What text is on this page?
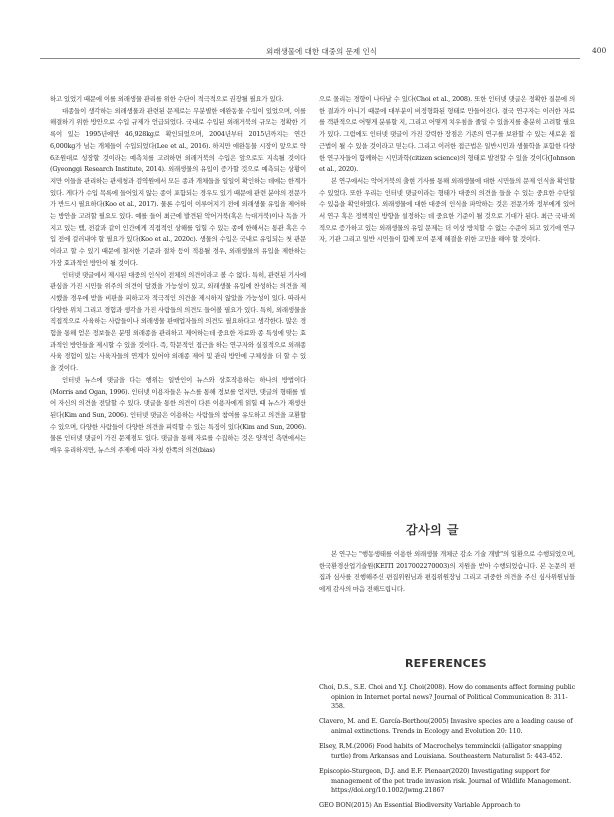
외래생물에 대한 대중의 문제 인식	400

하고 있었기 때문에 이를 외래생물 관리를 위한 수단이 적극적으로 권장될 필요가 있다.

대종들이 생각하는 외래생물과 관련된 문제로는 무분별한 애완동물 수입이 있었으며, 이를 해결하기 위한 방안으로 수입 규제가 언급되었다. 국내로 수입된 외래거북의 규모는 정확한 기록이 있는 1995년에만 46,928kg로 확인되었으며, 2004년부터 2015년까지는 연간 6,000kg가 넘는 개체들이 수입되었다(Lee et al., 2016). 하지만 애완동물 시장이 앞으로 약 6조원대로 성장할 것이라는 예측치를 고려하면 외래거북의 수입은 앞으로도 지속될 것이다(Gyeonggi Research Institute, 2014). 외래생물의 유입이 증가할 것으로 예측되는 상황이지만 이들을 관리하는 관세청과 검역원에서 모든 종과 개체들을 일일이 확인하는 데에는 한계가 있다. 게다가 수입 목록에 들어있지 않는 종이 포함되는 경우도 있기 때문에 관련 분야의 전문가가 반드시 필요하다(Koo et al., 2017). 물론 수입이 이루어지기 전에 외래생물 유입을 제어하는 방안을 고려할 필요도 있다. 예를 들어 최근에 발견된 악어거북(혹은 늑대거북)이나 독을 가지고 있는 뱀, 전갈과 같이 인간에게 직접적인 상해를 입힐 수 있는 종에 한해서는 통관 혹은 수입 전에 걸러내야 할 필요가 있다(Koo et al., 2020c). 생물의 수입은 국내로 유입되는 첫 관문이라고 할 수 있기 때문에 철저한 기준과 절차 등이 적용될 경우, 외래생물의 유입을 제한하는 가장 효과적인 방안이 될 것이다.

인터넷 댓글에서 제시된 대중의 인식이 전체의 의견이라고 볼 수 없다. 특히, 관련된 기사에 관심을 가진 시민들 위주의 의견이 담겼을 가능성이 있고, 외래생물 유입에 찬성하는 의견을 제시했을 경우에 받을 비판을 피하고자 적극적인 의견을 제시하지 않았을 가능성이 있다. 따라서 다양한 위치 그리고 경험과 생각을 가진 사람들의 의견도 들어볼 필요가 있다. 특히, 외래생물을 직접적으로 사육하는 사람들이나 외래생물 판매업자들의 의견도 필요하다고 생각한다. 많은 경험을 통해 얻은 정보들은 분명 외래종을 관리하고 제어하는데 중요한 자료와 종 특성에 맞는 효과적인 방안들을 제시할 수 있을 것이다. 즉, 학문적인 접근을 하는 연구자와 실질적으로 외래종 사육 경험이 있는 사육자들의 연계가 있어야 외래종 제어 및 관리 방안에 구체성을 더 할 수 있을 것이다.

인터넷 뉴스에 댓글을 다는 행위는 일반인이 뉴스와 상호작용하는 하나의 방법이다(Morris and Ogan, 1996). 인터넷 이용자들은 뉴스를 통해 정보를 얻지만, 댓글의 형태를 빌어 자신의 의견을 전달할 수 있다. 댓글을 통한 의견이 다른 이용자에게 읽힐 때 뉴스가 재생산된다(Kim and Sun, 2006). 인터넷 댓글은 이용하는 사람들의 참여를 유도하고 의견을 교환할 수 있으며, 다양한 사람들이 다양한 의견을 피력할 수 있는 특징이 있다(Kim and Sun, 2006). 물론 인터넷 댓글이 가진 문제점도 있다. 댓글을 통해 자료를 수집하는 것은 양적인 측면에서는 매우 유리하지만, 뉴스의 주제에 따라 자칫 한쪽의 의견(bias)

으로 몰리는 경향이 나타날 수 있다(Choi et al., 2008). 또한 인터넷 댓글은 정확한 질문에 의한 결과가 아니기 때문에 대부분이 비정형화된 형태로 만들어진다. 결국 연구자는 이러한 자료를 객관적으로 어떻게 분류할 지, 그리고 어떻게 치우침을 줄일 수 있을지를 충분히 고려할 필요가 있다. 그럼에도 인터넷 댓글이 가진 강력한 장점은 기존의 연구를 보완할 수 있는 새로운 접근법이 될 수 있을 것이라고 믿는다. 그리고 이러한 접근법은 일반시민과 생물학을 포함한 다양한 연구자들이 함께하는 시민과학(citizen science)의 형태로 발전할 수 있을 것이다(Johnson et al., 2020).

본 연구에서는 악어거북의 출현 기사를 통해 외래생물에 대한 시민들의 문제 인식을 확인할 수 있었다. 또한 우리는 인터넷 댓글이라는 형태가 대중의 의견을 들을 수 있는 중요한 수단일 수 있음을 확인하였다. 외래생물에 대한 대중의 인식을 파악하는 것은 전문가와 정부에게 있어서 연구 혹은 정책적인 방향을 설정하는 데 중요한 기준이 될 것으로 기대가 된다. 최근 국내·외적으로 증가하고 있는 외래생물의 유입 문제는 더 이상 방치할 수 없는 수준이 되고 있기에 연구자, 기관 그리고 일반 시민들이 함께 모여 문제 해결을 위한 고민을 해야 할 것이다.

감사의 글

본 연구는 "행동생태를 이용한 외래생물 개체군 감소 기술 개발"의 일환으로 수행되었으며, 한국환경산업기술원(KEITI 2017002270003)의 지원을 받아 수행되었습니다. 본 논문의 편집과 심사를 진행해주신 편집위원님과 편집위원장님 그리고 귀중한 의견을 주신 심사위원님들에게 감사의 마음 전해드립니다.

REFERENCES

Choi, D.S., S.E. Choi and Y.J. Choi(2008). How do comments affect forming public opinion in Internet portal news? Journal of Political Communication 8: 311-358.

Clavero, M. and E. García-Berthou(2005) Invasive species are a leading cause of animal extinctions. Trends in Ecology and Evolution 20: 110.

Elsey, R.M.(2006) Food habits of Macrochelys temminckii (alligator snapping turtle) from Arkansas and Louisiana. Southeastern Naturalist 5: 443-452.

Episcopio-Sturgeon, D.J. and E.F. Pienaar(2020) Investigating support for management of the pet trade invasion risk. Journal of Wildlife Management. https://doi.org/10.1002/jwmg.21867

GEO BON(2015) An Essential Biodiversity Variable Approach to
